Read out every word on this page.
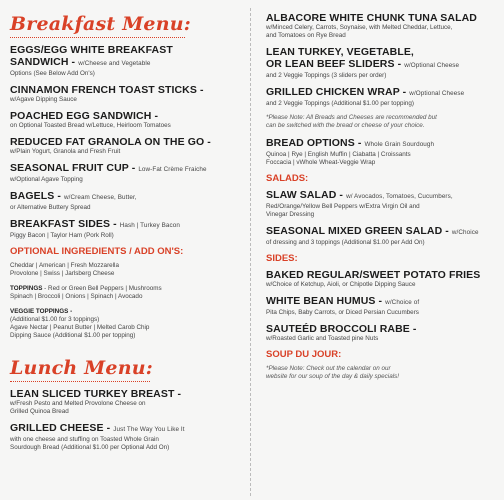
Breakfast Menu:
EGGS/EGG WHITE BREAKFAST
SANDWICH - w/Cheese and Vegetable
Options (See Below Add On's)
CINNAMON FRENCH TOAST STICKS -
w/Agave Dipping Sauce
POACHED EGG SANDWICH -
on Optional Toasted Bread w/Lettuce, Heirloom Tomatoes
REDUCED FAT GRANOLA ON THE GO -
w/Plain Yogurt, Granola and Fresh Fruit
SEASONAL FRUIT CUP - Low-Fat Crème Fraiche
w/Optional Agave Topping
BAGELS - w/Cream Cheese, Butter,
or Alternative Buttery Spread
BREAKFAST SIDES - Hash | Turkey Bacon
Piggy Bacon | Taylor Ham (Pork Roll)
OPTIONAL INGREDIENTS / ADD ON'S:
Cheddar | American | Fresh Mozzarella
Provolone | Swiss | Jarlsberg Cheese
TOPPINGS - Red or Green Bell Peppers | Mushrooms
Spinach | Broccoli | Onions | Spinach | Avocado
VEGGIE TOPPINGS -
(Additional $1.00 for 3 toppings)
Agave Nectar | Peanut Butter | Melted Carob Chip
Dipping Sauce (Additional $1.00 per topping)
Lunch Menu:
LEAN SLICED TURKEY BREAST -
w/Fresh Pesto and Melted Provolone Cheese on
Grilled Quinoa Bread
GRILLED CHEESE - Just The Way You Like It
with one cheese and stuffing on Toasted Whole Grain
Sourdough Bread (Additional $1.00 per Optional Add On)
ALBACORE WHITE CHUNK TUNA SALAD
w/Minced Celery, Carrots, Soynaise, with Melted Cheddar, Lettuce,
and Tomatoes on Rye Bread
LEAN TURKEY, VEGETABLE,
OR LEAN BEEF SLIDERS - w/Optional Cheese
and 2 Veggie Toppings (3 sliders per order)
GRILLED CHICKEN WRAP - w/Optional Cheese
and 2 Veggie Toppings (Additional $1.00 per topping)
*Please Note: All Breads and Cheeses are recommended but
can be switched with the bread or cheese of your choice.
BREAD OPTIONS - Whole Grain Sourdough
Quinoa | Rye | English Muffin | Ciabatta | Croissants
Foccacia | vWhole Wheat-Veggie Wrap
SALADS:
SLAW SALAD - w/ Avocados, Tomatoes, Cucumbers,
Red/Orange/Yellow Bell Peppers w/Extra Virgin Oil and
Vinegar Dressing
SEASONAL MIXED GREEN SALAD - w/Choice
of dressing and 3 toppings (Additional $1.00 per Add On)
SIDES:
BAKED REGULAR/SWEET POTATO FRIES
w/Choice of Ketchup, Aioli, or Chipotle Dipping Sauce
WHITE BEAN HUMUS - w/Choice of
Pita Chips, Baby Carrots, or Diced Persian Cucumbers
SAUTEÉD BROCCOLI RABE -
w/Roasted Garlic and Toasted pine Nuts
SOUP DU JOUR:
*Please Note: Check out the calendar on our
website for our soup of the day & daily specials!
